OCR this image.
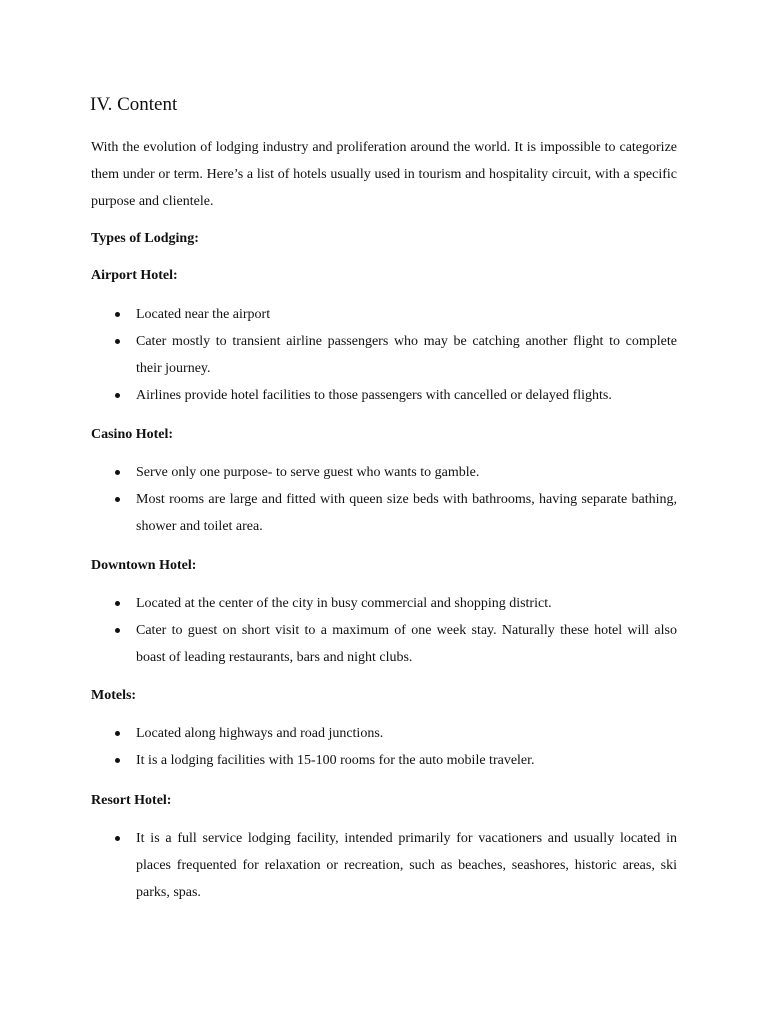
IV. Content

With the evolution of lodging industry and proliferation around the world. It is impossible to categorize them under or term. Here’s a list of hotels usually used in tourism and hospitality circuit, with a specific purpose and clientele.

Types of Lodging:
Airport Hotel:
Located near the airport
Cater mostly to transient airline passengers who may be catching another flight to complete their journey.
Airlines provide hotel facilities to those passengers with cancelled or delayed flights.
Casino Hotel:
Serve only one purpose- to serve guest who wants to gamble.
Most rooms are large and fitted with queen size beds with bathrooms, having separate bathing, shower and toilet area.
Downtown Hotel:
Located at the center of the city in busy commercial and shopping district.
Cater to guest on short visit to a maximum of one week stay. Naturally these hotel will also boast of leading restaurants, bars and night clubs.
Motels:
Located along highways and road junctions.
It is a lodging facilities with 15-100 rooms for the auto mobile traveler.
Resort Hotel:
It is a full service lodging facility, intended primarily for vacationers and usually located in places frequented for relaxation or recreation, such as beaches, seashores, historic areas, ski parks, spas.
